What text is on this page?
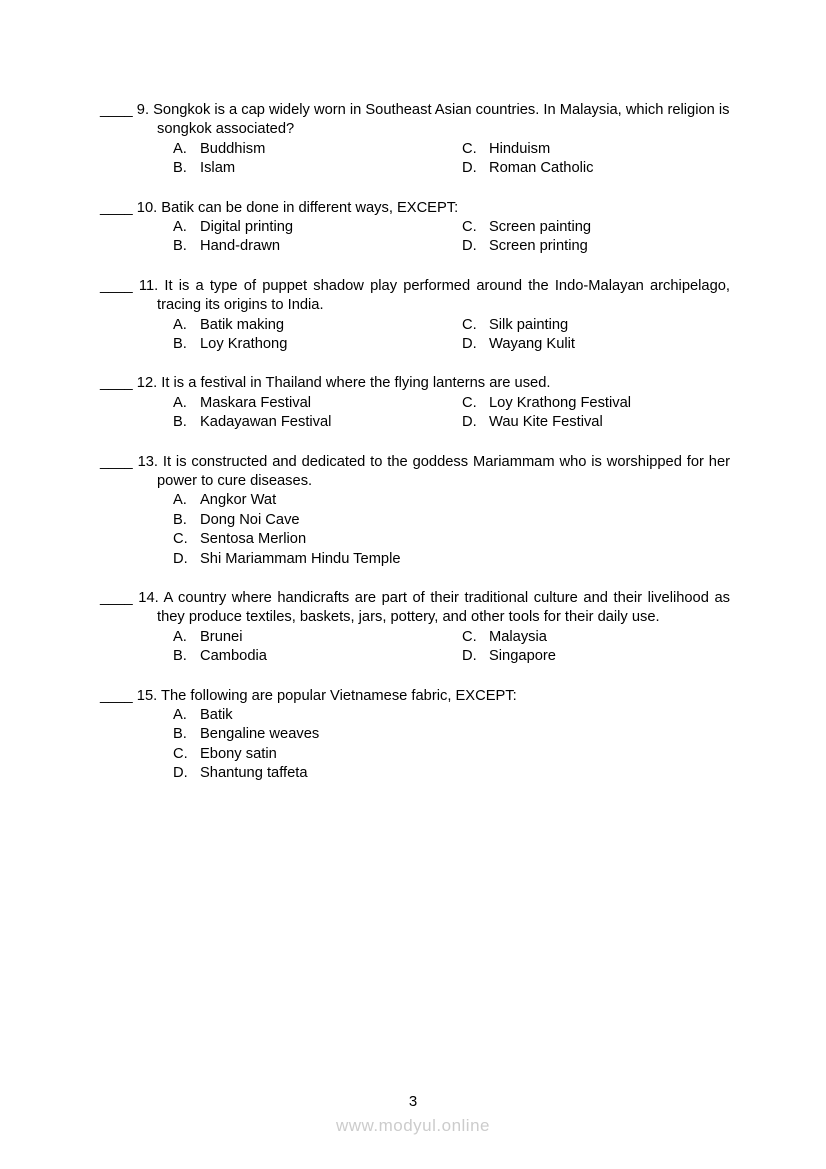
____ 9. Songkok is a cap widely worn in Southeast Asian countries. In Malaysia, which religion is songkok associated?

A. Buddhism
B. Islam
C. Hinduism
D. Roman Catholic

____ 10. Batik can be done in different ways, EXCEPT:

A. Digital printing
B. Hand-drawn
C. Screen painting
D. Screen printing

____ 11. It is a type of puppet shadow play performed around the Indo-Malayan archipelago, tracing its origins to India.

A. Batik making
B. Loy Krathong
C. Silk painting
D. Wayang Kulit

____ 12. It is a festival in Thailand where the flying lanterns are used.

A. Maskara Festival
B. Kadayawan Festival
C. Loy Krathong Festival
D. Wau Kite Festival

____ 13. It is constructed and dedicated to the goddess Mariammam who is worshipped for her power to cure diseases.

A. Angkor Wat
B. Dong Noi Cave
C. Sentosa Merlion
D. Shi Mariammam Hindu Temple

____ 14. A country where handicrafts are part of their traditional culture and their livelihood as they produce textiles, baskets, jars, pottery, and other tools for their daily use.

A. Brunei
B. Cambodia
C. Malaysia
D. Singapore

____ 15. The following are popular Vietnamese fabric, EXCEPT:

A. Batik
B. Bengaline weaves
C. Ebony satin
D. Shantung taffeta
3
www.modyul.online
